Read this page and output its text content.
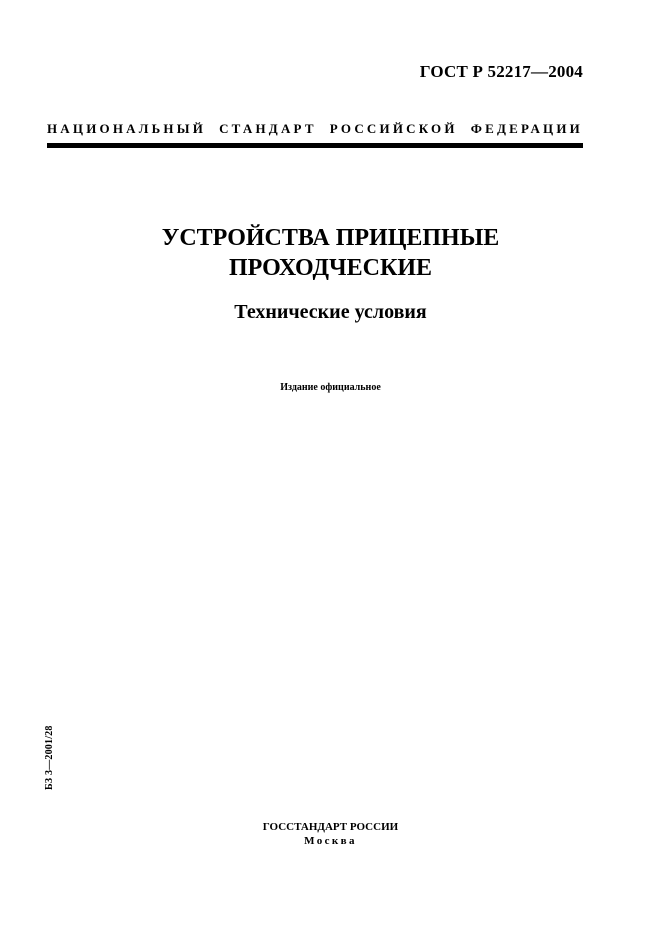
ГОСТ Р 52217—2004
НАЦИОНАЛЬНЫЙ СТАНДАРТ РОССИЙСКОЙ ФЕДЕРАЦИИ
УСТРОЙСТВА ПРИЦЕПНЫЕ
ПРОХОДЧЕСКИЕ
Технические условия
Издание официальное
БЗ 3—2001/28
ГОССТАНДАРТ РОССИИ
Москва
